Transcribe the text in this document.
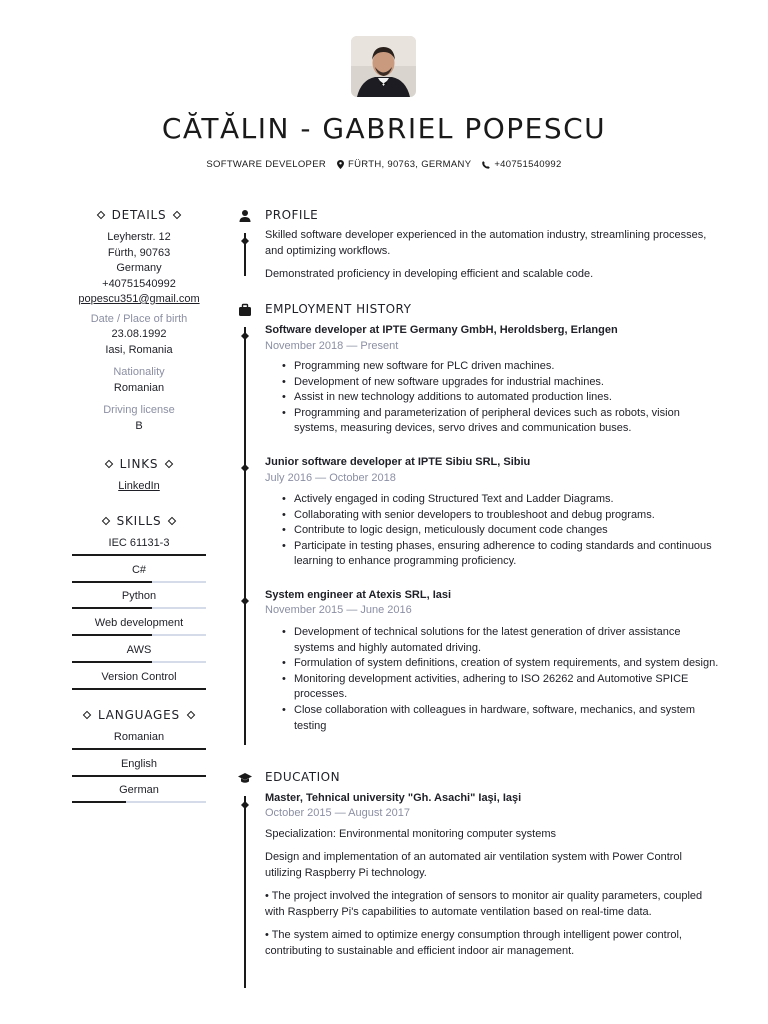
CĂTĂLIN - GABRIEL POPESCU
SOFTWARE DEVELOPER FÜRTH, 90763, GERMANY +40751540992
DETAILS
Leyherstr. 12
Fürth, 90763
Germany
+40751540992
popescu351@gmail.com
Date / Place of birth
23.08.1992
Iasi, Romania
Nationality
Romanian
Driving license
B
LINKS
LinkedIn
SKILLS
IEC 61131-3
C#
Python
Web development
AWS
Version Control
LANGUAGES
Romanian
English
German
PROFILE
Skilled software developer experienced in the automation industry, streamlining processes, and optimizing workflows.
Demonstrated proficiency in developing efficient and scalable code.
EMPLOYMENT HISTORY
Software developer at IPTE Germany GmbH, Heroldsberg, Erlangen
November 2018 — Present
• Programming new software for PLC driven machines.
• Development of new software upgrades for industrial machines.
• Assist in new technology additions to automated production lines.
• Programming and parameterization of peripheral devices such as robots, vision systems, measuring devices, servo drives and communication buses.
Junior software developer at IPTE Sibiu SRL, Sibiu
July 2016 — October 2018
• Actively engaged in coding Structured Text and Ladder Diagrams.
• Collaborating with senior developers to troubleshoot and debug programs.
• Contribute to logic design, meticulously document code changes
• Participate in testing phases, ensuring adherence to coding standards and continuous learning to enhance programming proficiency.
System engineer at Atexis SRL, Iasi
November 2015 — June 2016
• Development of technical solutions for the latest generation of driver assistance systems and highly automated driving.
• Formulation of system definitions, creation of system requirements, and system design.
• Monitoring development activities, adhering to ISO 26262 and Automotive SPICE processes.
• Close collaboration with colleagues in hardware, software, mechanics, and system testing
EDUCATION
Master, Tehnical university "Gh. Asachi" Iaşi, Iaşi
October 2015 — August 2017
Specialization: Environmental monitoring computer systems
Design and implementation of an automated air ventilation system with Power Control utilizing Raspberry Pi technology.
• The project involved the integration of sensors to monitor air quality parameters, coupled with Raspberry Pi's capabilities to automate ventilation based on real-time data.
• The system aimed to optimize energy consumption through intelligent power control, contributing to sustainable and efficient indoor air management.
